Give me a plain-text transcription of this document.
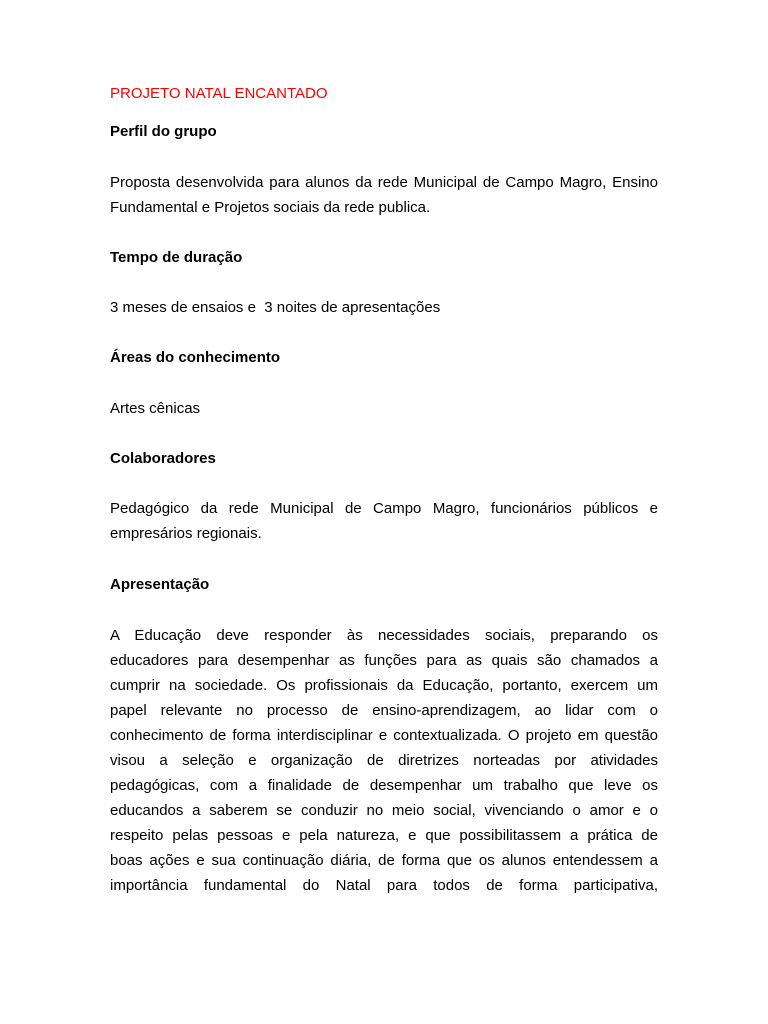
PROJETO NATAL ENCANTADO
Perfil do grupo
Proposta desenvolvida para alunos da rede Municipal de Campo Magro, Ensino
Fundamental e Projetos sociais da rede publica.
Tempo de duração
3 meses de ensaios e  3 noites de apresentações
Áreas do conhecimento
Artes cênicas
Colaboradores
Pedagógico da rede Municipal de Campo Magro, funcionários públicos e
empresários regionais.
Apresentação
A Educação deve responder às necessidades sociais, preparando os
educadores para desempenhar as funções para as quais são chamados a
cumprir na sociedade. Os profissionais da Educação, portanto, exercem um
papel relevante no processo de ensino-aprendizagem, ao lidar com o
conhecimento de forma interdisciplinar e contextualizada. O projeto em questão
visou a seleção e organização de diretrizes norteadas por atividades
pedagógicas, com a finalidade de desempenhar um trabalho que leve os
educandos a saberem se conduzir no meio social, vivenciando o amor e o
respeito pelas pessoas e pela natureza, e que possibilitassem a prática de
boas ações e sua continuação diária, de forma que os alunos entendessem a
importância fundamental do Natal para todos de forma participativa,
